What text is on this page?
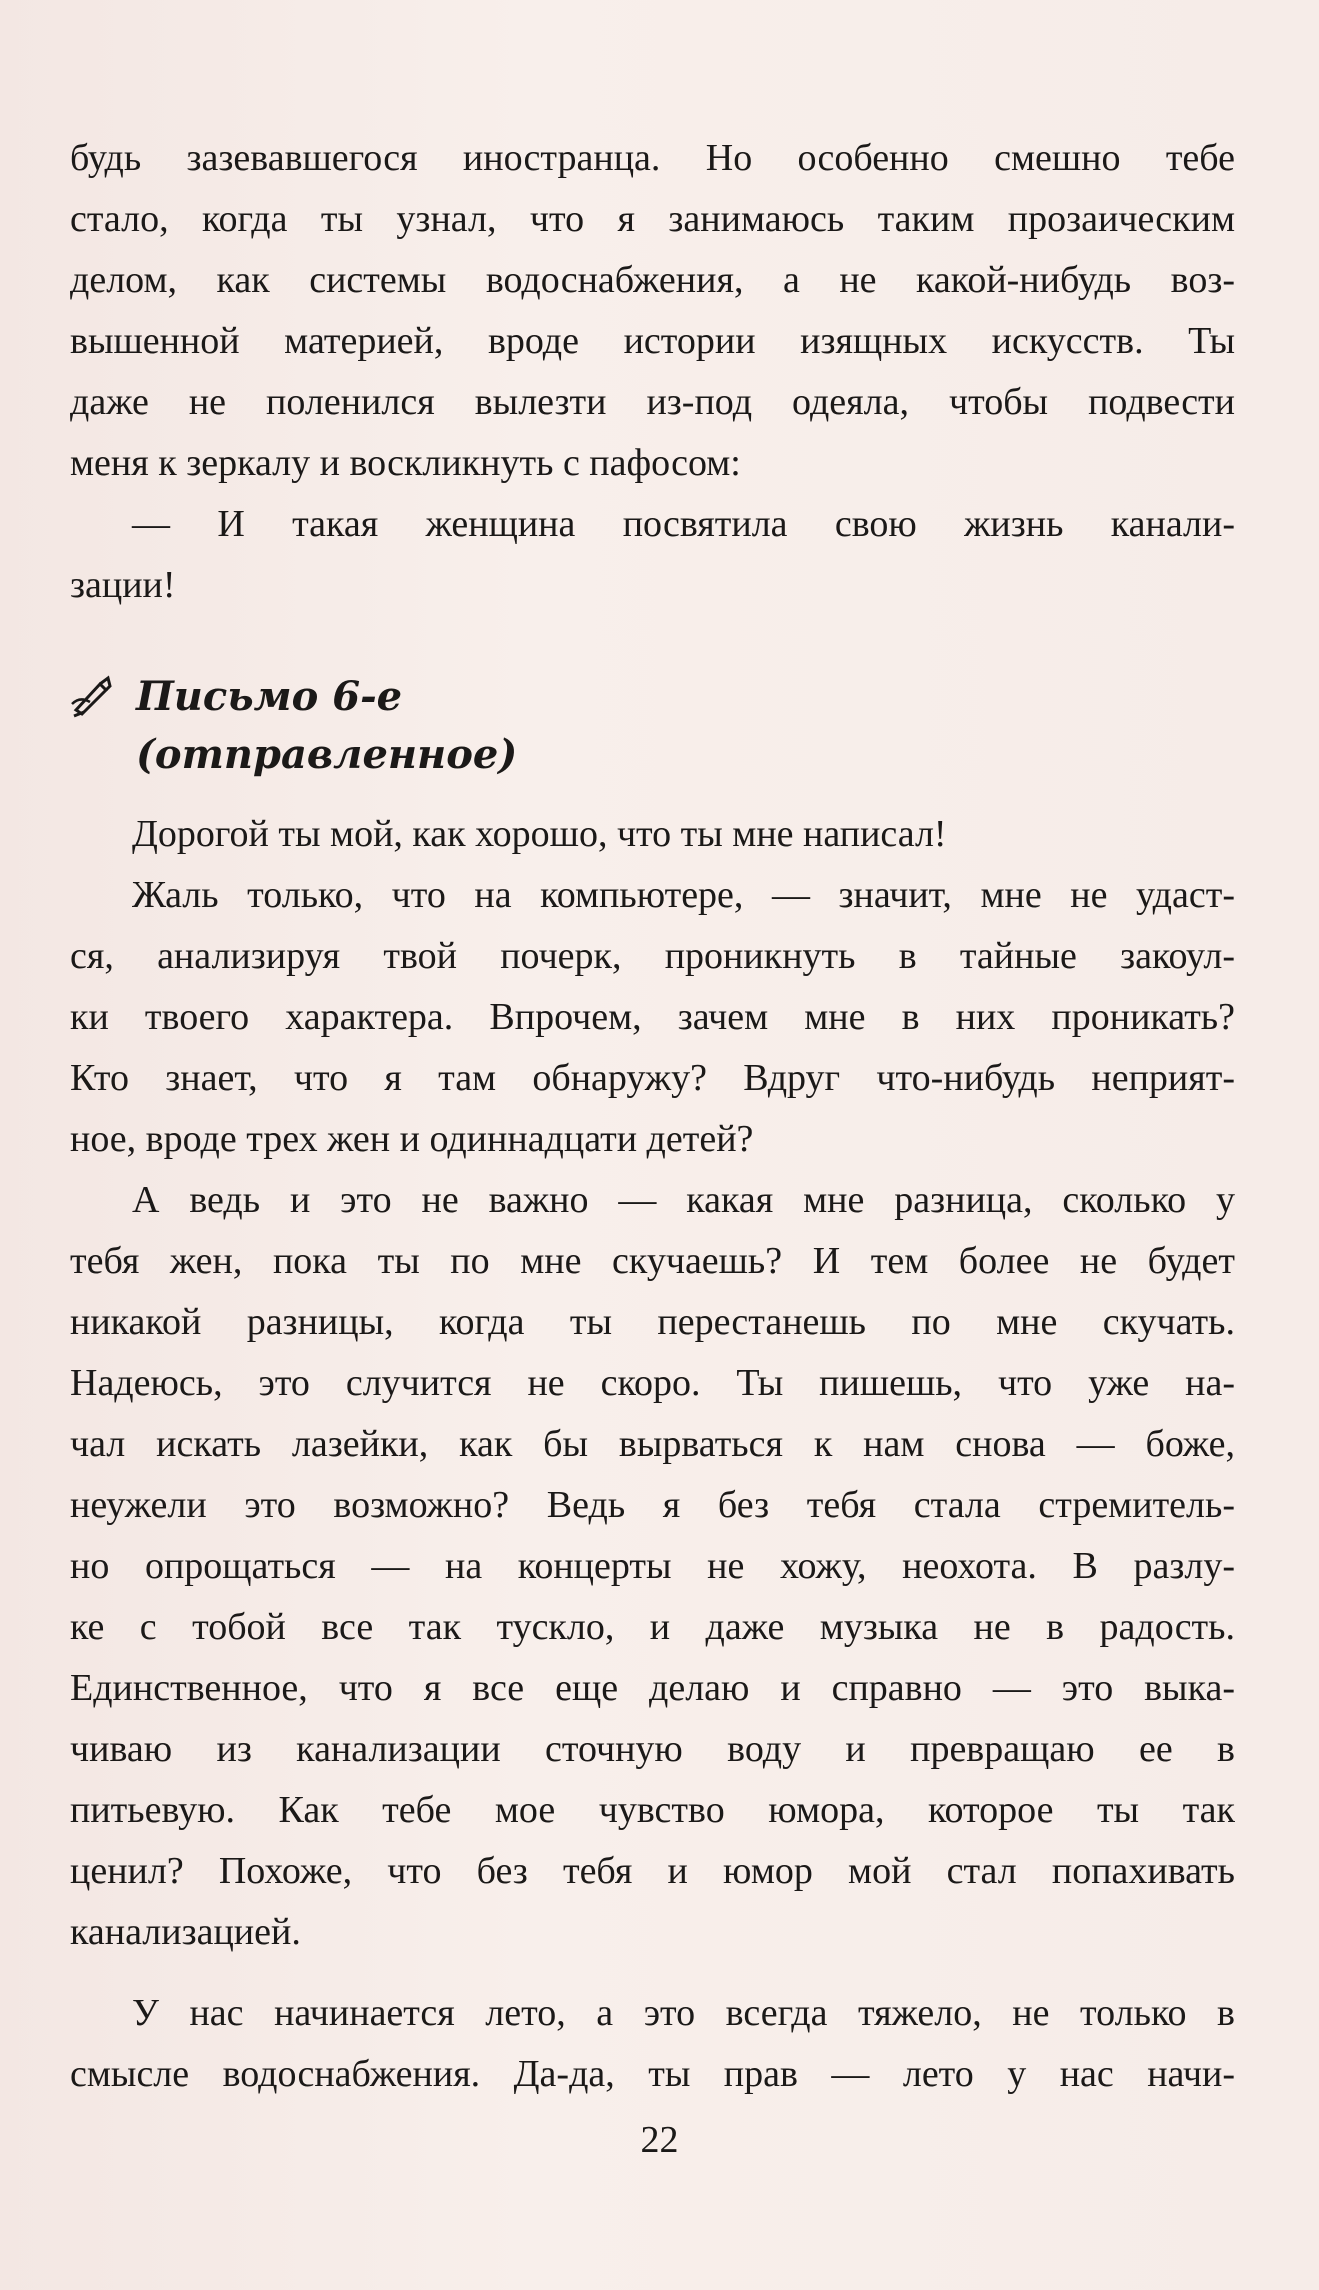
будь зазевавшегося иностранца. Но особенно смешно тебе
стало, когда ты узнал, что я занимаюсь таким прозаическим
делом, как системы водоснабжения, а не какой-нибудь воз-
вышенной материей, вроде истории изящных искусств. Ты
даже не поленился вылезти из-под одеяла, чтобы подвести
меня к зеркалу и воскликнуть с пафосом:
— И такая женщина посвятила свою жизнь канали-
зации!
Письмо 6-е
(отправленное)
Дорогой ты мой, как хорошо, что ты мне написал!
Жаль только, что на компьютере, — значит, мне не удаст-
ся, анализируя твой почерк, проникнуть в тайные закоул-
ки твоего характера. Впрочем, зачем мне в них проникать?
Кто знает, что я там обнаружу? Вдруг что-нибудь неприят-
ное, вроде трех жен и одиннадцати детей?
А ведь и это не важно — какая мне разница, сколько у
тебя жен, пока ты по мне скучаешь? И тем более не будет
никакой разницы, когда ты перестанешь по мне скучать.
Надеюсь, это случится не скоро. Ты пишешь, что уже на-
чал искать лазейки, как бы вырваться к нам снова — боже,
неужели это возможно? Ведь я без тебя стала стремитель-
но опрощаться — на концерты не хожу, неохота. В разлу-
ке с тобой все так тускло, и даже музыка не в радость.
Единственное, что я все еще делаю и справно — это выка-
чиваю из канализации сточную воду и превращаю ее в
питьевую. Как тебе мое чувство юмора, которое ты так
ценил? Похоже, что без тебя и юмор мой стал попахивать
канализацией.
У нас начинается лето, а это всегда тяжело, не только в
смысле водоснабжения. Да-да, ты прав — лето у нас начи-
22
